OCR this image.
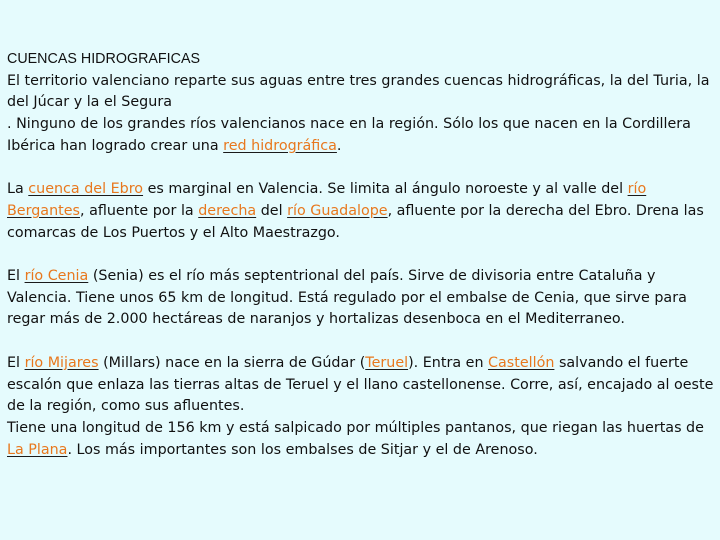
CUENCAS HIDROGRAFICAS
El territorio valenciano reparte sus aguas entre tres grandes cuencas hidrográficas, la del Turia, la del Júcar y la el Segura
. Ninguno de los grandes ríos valencianos nace en la región. Sólo los que nacen en la Cordillera Ibérica han logrado crear una red hidrográfica.

La cuenca del Ebro es marginal en Valencia. Se limita al ángulo noroeste y al valle del río Bergantes, afluente por la derecha del río Guadalope, afluente por la derecha del Ebro. Drena las comarcas de Los Puertos y el Alto Maestrazgo.

El río Cenia (Senia) es el río más septentrional del país. Sirve de divisoria entre Cataluña y Valencia. Tiene unos 65 km de longitud. Está regulado por el embalse de Cenia, que sirve para regar más de 2.000 hectáreas de naranjos y hortalizas desenboca en el Mediterraneo.

El río Mijares (Millars) nace en la sierra de Gúdar (Teruel). Entra en Castellón salvando el fuerte escalón que enlaza las tierras altas de Teruel y el llano castellonense. Corre, así, encajado al oeste de la región, como sus afluentes.
Tiene una longitud de 156 km y está salpicado por múltiples pantanos, que riegan las huertas de La Plana. Los más importantes son los embalses de Sitjar y el de Arenoso.
